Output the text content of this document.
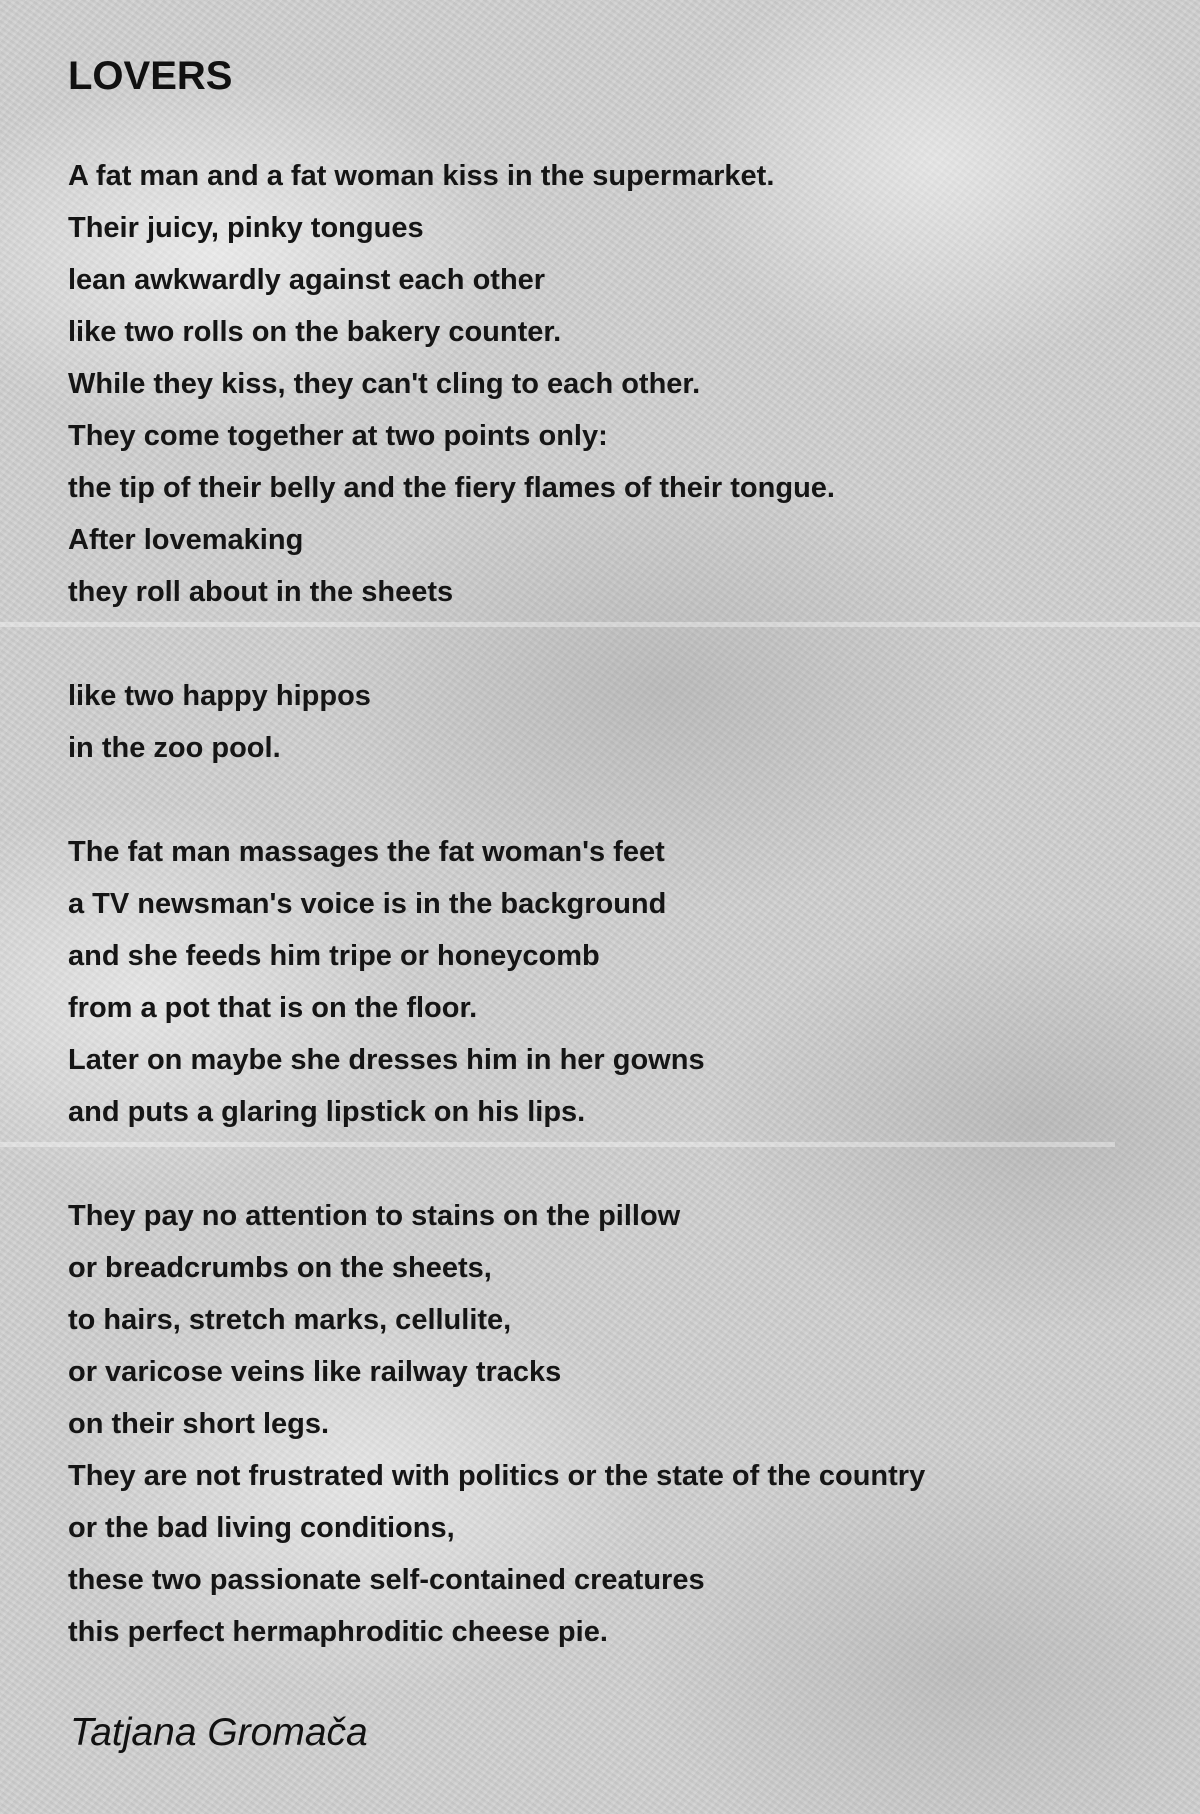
LOVERS
A fat man and a fat woman kiss in the supermarket.
Their juicy, pinky tongues
lean awkwardly against each other
like two rolls on the bakery counter.
While they kiss, they can't cling to each other.
They come together at two points only:
the tip of their belly and the fiery flames of their tongue.
After lovemaking
they roll about in the sheets
like two happy hippos
in the zoo pool.
The fat man massages the fat woman's feet
a TV newsman's voice is in the background
and she feeds him tripe or honeycomb
from a pot that is on the floor.
Later on maybe she dresses him in her gowns
and puts a glaring lipstick on his lips.
They pay no attention to stains on the pillow
or breadcrumbs on the sheets,
to hairs, stretch marks, cellulite,
or varicose veins like railway tracks
on their short legs.
They are not frustrated with politics or the state of the country
or the bad living conditions,
these two passionate self-contained creatures
this perfect hermaphroditic cheese pie.

Tatjana Gromača
